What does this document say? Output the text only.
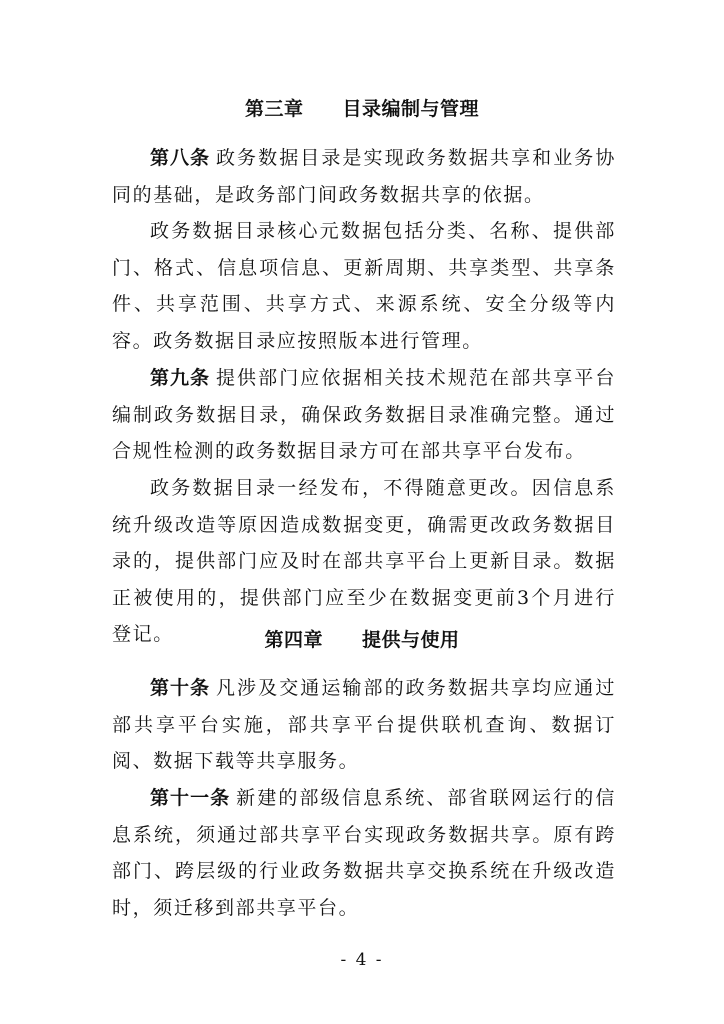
第三章　　目录编制与管理

第八条 政务数据目录是实现政务数据共享和业务协同的基础，是政务部门间政务数据共享的依据。

政务数据目录核心元数据包括分类、名称、提供部门、格式、信息项信息、更新周期、共享类型、共享条件、共享范围、共享方式、来源系统、安全分级等内容。政务数据目录应按照版本进行管理。

第九条 提供部门应依据相关技术规范在部共享平台编制政务数据目录，确保政务数据目录准确完整。通过合规性检测的政务数据目录方可在部共享平台发布。

政务数据目录一经发布，不得随意更改。因信息系统升级改造等原因造成数据变更，确需更改政务数据目录的，提供部门应及时在部共享平台上更新目录。数据正被使用的，提供部门应至少在数据变更前3个月进行登记。	第四章　　提供与使用

第十条 凡涉及交通运输部的政务数据共享均应通过部共享平台实施，部共享平台提供联机查询、数据订阅、数据下载等共享服务。

第十一条 新建的部级信息系统、部省联网运行的信息系统，须通过部共享平台实现政务数据共享。原有跨部门、跨层级的行业政务数据共享交换系统在升级改造时，须迁移到部共享平台。

- 4 -
